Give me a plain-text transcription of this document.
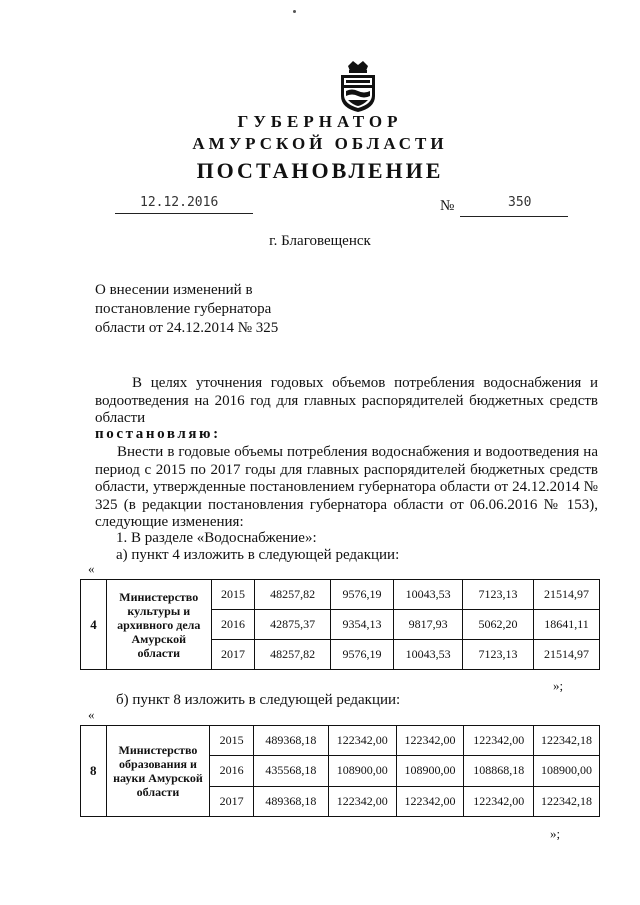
ГУБЕРНАТОР
АМУРСКОЙ ОБЛАСТИ
ПОСТАНОВЛЕНИЕ
12.12.2016	№	350
г. Благовещенск
О внесении изменений в постановление губернатора области от 24.12.2014 № 325
В целях уточнения годовых объемов потребления водоснабжения и водоотведения на 2016 год для главных распорядителей бюджетных средств области
постановляю:
Внести в годовые объемы потребления водоснабжения и водоотведения на период с 2015 по 2017 годы для главных распорядителей бюджетных средств области, утвержденные постановлением губернатора области от 24.12.2014 № 325 (в редакции постановления губернатора области от 06.06.2016 № 153), следующие изменения:
1. В разделе «Водоснабжение»:
а) пункт 4 изложить в следующей редакции:
«
4	Министерство культуры и архивного дела Амурской области	2015	48257,82	9576,19	10043,53	7123,13	21514,97
		2016	42875,37	9354,13	9817,93	5062,20	18641,11
		2017	48257,82	9576,19	10043,53	7123,13	21514,97
»;
б) пункт 8 изложить в следующей редакции:
«
8	Министерство образования и науки Амурской области	2015	489368,18	122342,00	122342,00	122342,00	122342,18
		2016	435568,18	108900,00	108900,00	108868,18	108900,00
		2017	489368,18	122342,00	122342,00	122342,00	122342,18
»;
